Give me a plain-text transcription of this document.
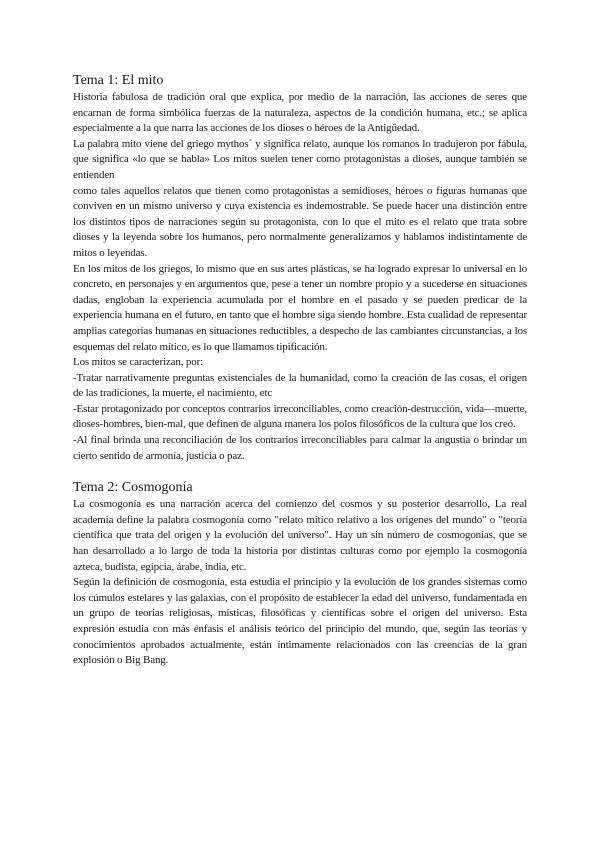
Tema 1: El mito

Historia fabulosa de tradición oral que explica, por medio de la narración, las acciones de seres que encarnan de forma simbólica fuerzas de la naturaleza, aspectos de la condición humana, etc.; se aplica especialmente a la que narra las acciones de los dioses o héroes de la Antigüedad.

La palabra mito viene del griego mythos´ y significa relato, aunque los romanos lo tradujeron por fábula, que significa «lo que se habla» Los mitos suelen tener como protagonistas a dioses, aunque también se entienden

como tales aquellos relatos que tienen como protagonistas a semidioses, héroes o figuras humanas que conviven en un mismo universo y cuya existencia es indemostrable. Se puede hacer una distinción entre los distintos tipos de narraciones según su protagonista, con lo que el mito es el relato que trata sobre dioses y la leyenda sobre los humanos, pero normalmente generalizamos y hablamos indistintamente de mitos o leyendas.

En los mitos de los griegos, lo mismo que en sus artes plásticas, se ha logrado expresar lo universal en lo concreto, en personajes y en argumentos que, pese a tener un nombre propio y a sucederse en situaciones dadas, engloban la experiencia acumulada por el hombre en el pasado y se pueden predicar de la experiencia humana en el futuro, en tanto que el hombre siga siendo hombre. Esta cualidad de representar amplias categorías humanas en situaciones reductibles, a despecho de las cambiantes circunstancias, a los esquemas del relato mítico, es lo que llamamos tipificación.

Los mitos se caracterizan, por:

-Tratar narrativamente preguntas existenciales de la humanidad, como la creación de las cosas, el origen de las tradiciones, la muerte, el nacimiento, etc

-Estar protagonizado por conceptos contrarios irreconciliables, como creación-destrucción, vida—muerte, dioses-hombres, bien-mal, que definen de alguna manera los polos filosóficos de la cultura que los creó.

-Al final brinda una reconciliación de los contrarios irreconciliables para calmar la angustia o brindar un cierto sentido de armonía, justicia o paz.

Tema 2: Cosmogonía

La cosmogonía es una narración acerca del comienzo del cosmos y su posterior desarrollo, La real academia define la palabra cosmogonía como "relato mítico relativo a los orígenes del mundo" o "teoría científica que trata del origen y la evolución del universo". Hay un sin número de cosmogonías, que se han desarrollado a lo largo de toda la historia por distintas culturas como por ejemplo la cosmogonía azteca, budista, egipcia, árabe, india, etc.

Según la definición de cosmogonía, esta estudia el principio y la evolución de los grandes sistemas como los cúmulos estelares y las galaxias, con el propósito de establecer la edad del universo, fundamentada en un grupo de teorías religiosas, místicas, filosóficas y científicas sobre el origen del universo. Esta expresión estudia con más énfasis el análisis teórico del principio del mundo, que, según las teorías y conocimientos aprobados actualmente, están íntimamente relacionados con las creencias de la gran explosión o Big Bang.
